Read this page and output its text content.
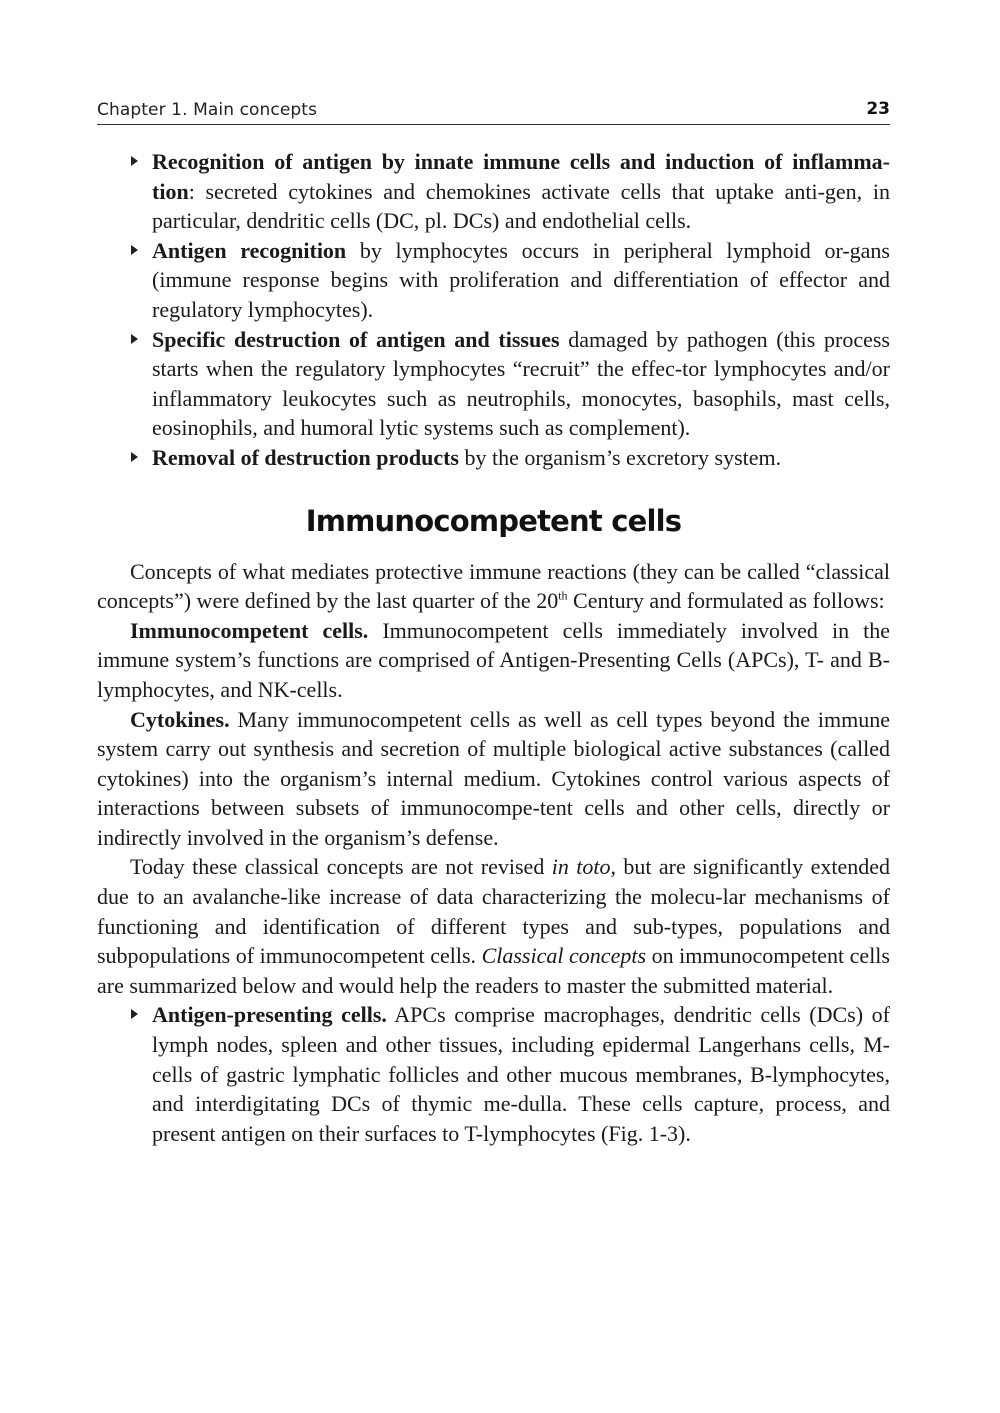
Chapter 1. Main concepts	23
Recognition of antigen by innate immune cells and induction of inflamma-tion: secreted cytokines and chemokines activate cells that uptake anti-gen, in particular, dendritic cells (DC, pl. DCs) and endothelial cells.
Antigen recognition by lymphocytes occurs in peripheral lymphoid or-gans (immune response begins with proliferation and differentiation of effector and regulatory lymphocytes).
Specific destruction of antigen and tissues damaged by pathogen (this process starts when the regulatory lymphocytes “recruit” the effec-tor lymphocytes and/or inflammatory leukocytes such as neutrophils, monocytes, basophils, mast cells, eosinophils, and humoral lytic systems such as complement).
Removal of destruction products by the organism’s excretory system.
Immunocompetent cells

Concepts of what mediates protective immune reactions (they can be called “classical concepts”) were defined by the last quarter of the 20th Century and formulated as follows:

Immunocompetent cells. Immunocompetent cells immediately involved in the immune system’s functions are comprised of Antigen-Presenting Cells (APCs), T- and B-lymphocytes, and NK-cells.

Cytokines. Many immunocompetent cells as well as cell types beyond the immune system carry out synthesis and secretion of multiple biological active substances (called cytokines) into the organism’s internal medium. Cytokines control various aspects of interactions between subsets of immunocompe-tent cells and other cells, directly or indirectly involved in the organism’s defense.

Today these classical concepts are not revised in toto, but are significantly extended due to an avalanche-like increase of data characterizing the molecu-lar mechanisms of functioning and identification of different types and sub-types, populations and subpopulations of immunocompetent cells. Classical concepts on immunocompetent cells are summarized below and would help the readers to master the submitted material.

Antigen-presenting cells. APCs comprise macrophages, dendritic cells (DCs) of lymph nodes, spleen and other tissues, including epidermal Langerhans cells, M-cells of gastric lymphatic follicles and other mucous membranes, B-lymphocytes, and interdigitating DCs of thymic me-dulla. These cells capture, process, and present antigen on their surfaces to T-lymphocytes (Fig. 1-3).
